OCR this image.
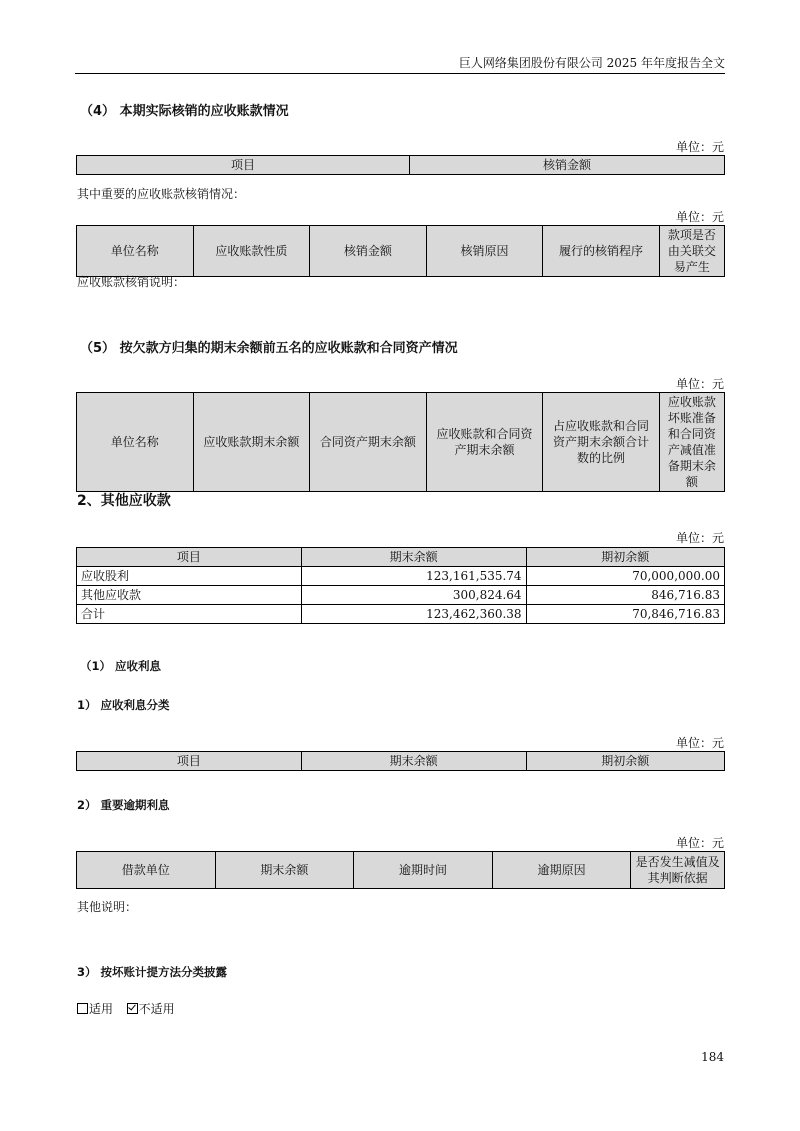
巨人网络集团股份有限公司 2025 年年度报告全文
（4） 本期实际核销的应收账款情况
单位：元
项目	核销金额
其中重要的应收账款核销情况：
单位：元
单位名称	应收账款性质	核销金额	核销原因	履行的核销程序	款项是否由关联交易产生
应收账款核销说明：
（5） 按欠款方归集的期末余额前五名的应收账款和合同资产情况
单位：元
单位名称	应收账款期末余额	合同资产期末余额	应收账款和合同资产期末余额	占应收账款和合同资产期末余额合计数的比例	应收账款坏账准备和合同资产减值准备期末余额
2、其他应收款
单位：元
项目	期末余额	期初余额
应收股利	123,161,535.74	70,000,000.00
其他应收款	300,824.64	846,716.83
合计	123,462,360.38	70,846,716.83
（1） 应收利息
1） 应收利息分类
单位：元
项目	期末余额	期初余额
2） 重要逾期利息
单位：元
借款单位	期末余额	逾期时间	逾期原因	是否发生减值及其判断依据
其他说明：
3） 按坏账计提方法分类披露
适用 不适用
184
